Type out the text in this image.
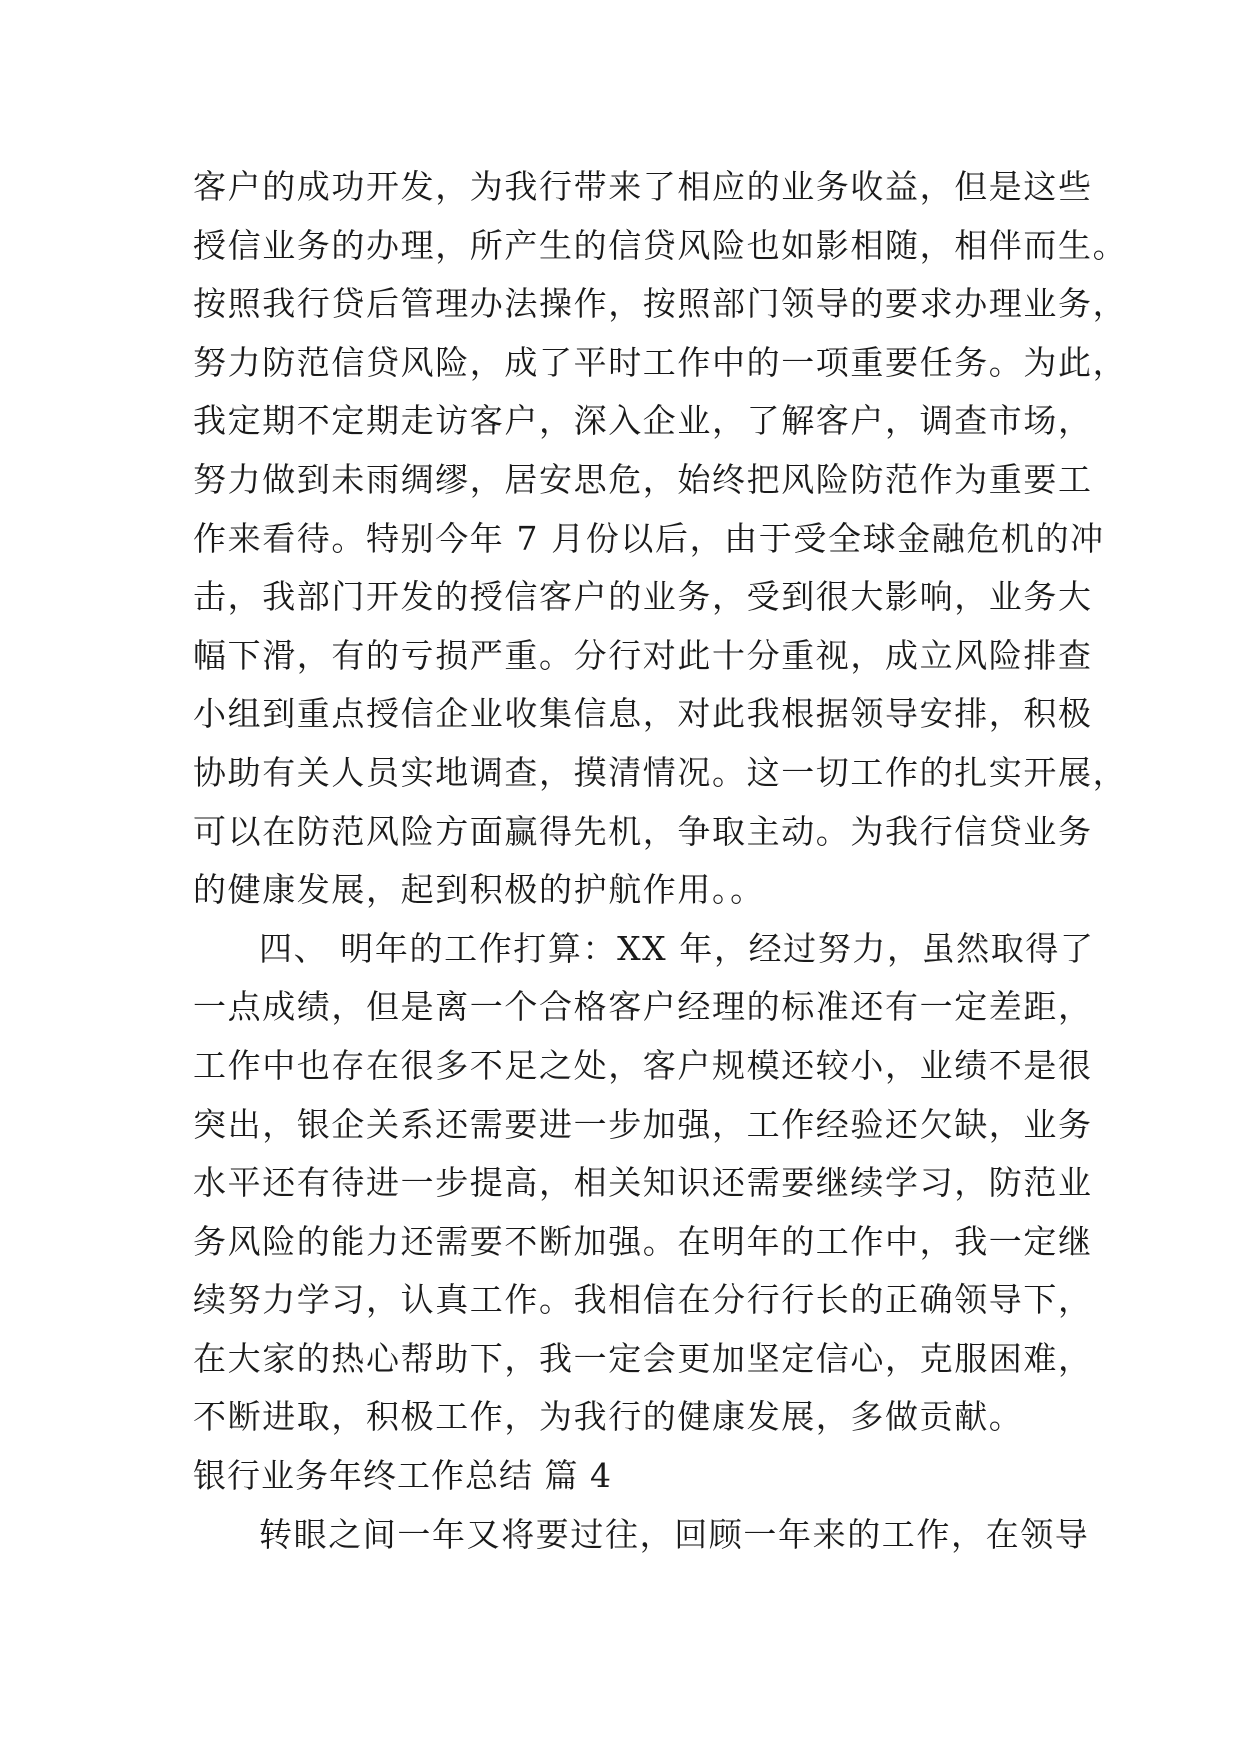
客户的成功开发，为我行带来了相应的业务收益，但是这些
授信业务的办理，所产生的信贷风险也如影相随，相伴而生。
按照我行贷后管理办法操作，按照部门领导的要求办理业务，
努力防范信贷风险，成了平时工作中的一项重要任务。为此，
我定期不定期走访客户，深入企业，了解客户，调查市场，
努力做到未雨绸缪，居安思危，始终把风险防范作为重要工
作来看待。特别今年 7 月份以后，由于受全球金融危机的冲
击，我部门开发的授信客户的业务，受到很大影响，业务大
幅下滑，有的亏损严重。分行对此十分重视，成立风险排查
小组到重点授信企业收集信息，对此我根据领导安排，积极
协助有关人员实地调查，摸清情况。这一切工作的扎实开展，
可以在防范风险方面赢得先机，争取主动。为我行信贷业务
的健康发展，起到积极的护航作用。。
四、 明年的工作打算：XX 年，经过努力，虽然取得了
一点成绩，但是离一个合格客户经理的标准还有一定差距，
工作中也存在很多不足之处，客户规模还较小，业绩不是很
突出，银企关系还需要进一步加强，工作经验还欠缺，业务
水平还有待进一步提高，相关知识还需要继续学习，防范业
务风险的能力还需要不断加强。在明年的工作中，我一定继
续努力学习，认真工作。我相信在分行行长的正确领导下，
在大家的热心帮助下，我一定会更加坚定信心，克服困难，
不断进取，积极工作，为我行的健康发展，多做贡献。
银行业务年终工作总结 篇 4
转眼之间一年又将要过往，回顾一年来的工作，在领导
